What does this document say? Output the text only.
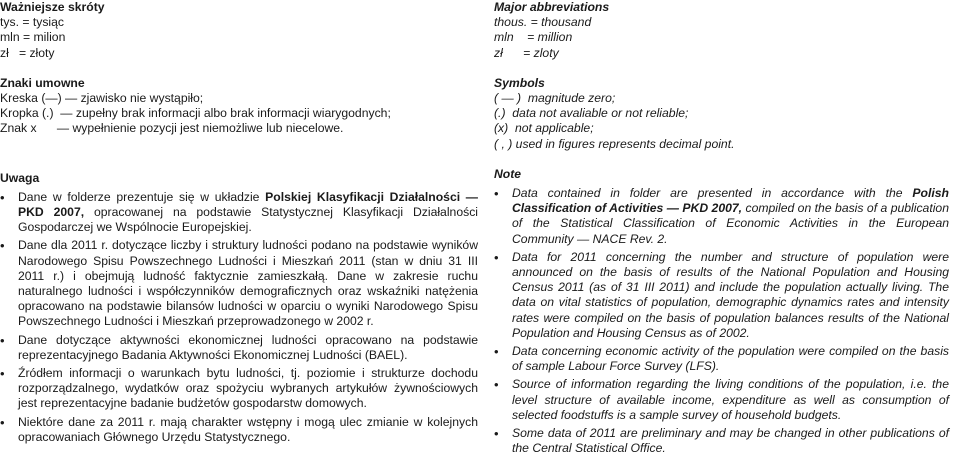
Ważniejsze skróty

tys. = tysiąc

mln = milion

zł   = złoty

Znaki umowne

Kreska (—) — zjawisko nie wystąpiło;

Kropka (.)  — zupełny brak informacji albo brak informacji wiarygodnych;

Znak x      — wypełnienie pozycji jest niemożliwe lub niecelowe.

Uwaga

• Dane w folderze prezentuje się w układzie Polskiej Klasyfikacji Działalności — PKD 2007, opracowanej na podstawie Statystycznej Klasyfikacji Działalności Gospodarczej we Wspólnocie Europejskiej.
• Dane dla 2011 r. dotyczące liczby i struktury ludności podano na podstawie wyników Narodowego Spisu Powszechnego Ludności i Mieszkań 2011 (stan w dniu 31 III 2011 r.) i obejmują ludność faktycznie zamieszkałą. Dane w zakresie ruchu naturalnego ludności i współczynników demograficznych oraz wskaźniki natężenia opracowano na podstawie bilansów ludności w oparciu o wyniki Narodowego Spisu Powszechnego Ludności i Mieszkań przeprowadzonego w 2002 r.
• Dane dotyczące aktywności ekonomicznej ludności opracowano na podstawie reprezentacyjnego Badania Aktywności Ekonomicznej Ludności (BAEL).
• Źródłem informacji o warunkach bytu ludności, tj. poziomie i strukturze dochodu rozporządzalnego, wydatków oraz spożyciu wybranych artykułów żywnościowych jest reprezentacyjne badanie budżetów gospodarstw domowych.
• Niektóre dane za 2011 r. mają charakter wstępny i mogą ulec zmianie w kolejnych opracowaniach Głównego Urzędu Statystycznego.

Major abbreviations

thous. = thousand

mln    = million

zł      = zloty

Symbols

( — )  magnitude zero;

(.)  data not avaliable or not reliable;

(x)  not applicable;

( , ) used in figures represents decimal point.

Note

• Data contained in folder are presented in accordance with the Polish Classification of Activities — PKD 2007, compiled on the basis of a publication of the Statistical Classification of Economic Activities in the European Community — NACE Rev. 2.
• Data for 2011 concerning the number and structure of population were announced on the basis of results of the National Population and Housing Census 2011 (as of 31 III 2011) and include the population actually living. The data on vital statistics of population, demographic dynamics rates and intensity rates were compiled on the basis of population balances results of the National Population and Housing Census as of 2002.
• Data concerning economic activity of the population were compiled on the basis of sample Labour Force Survey (LFS).
• Source of information regarding the living conditions of the population, i.e. the level structure of available income, expenditure as well as consumption of selected foodstuffs is a sample survey of household budgets.
• Some data of 2011 are preliminary and may be changed in other publications of the Central Statistical Office.
